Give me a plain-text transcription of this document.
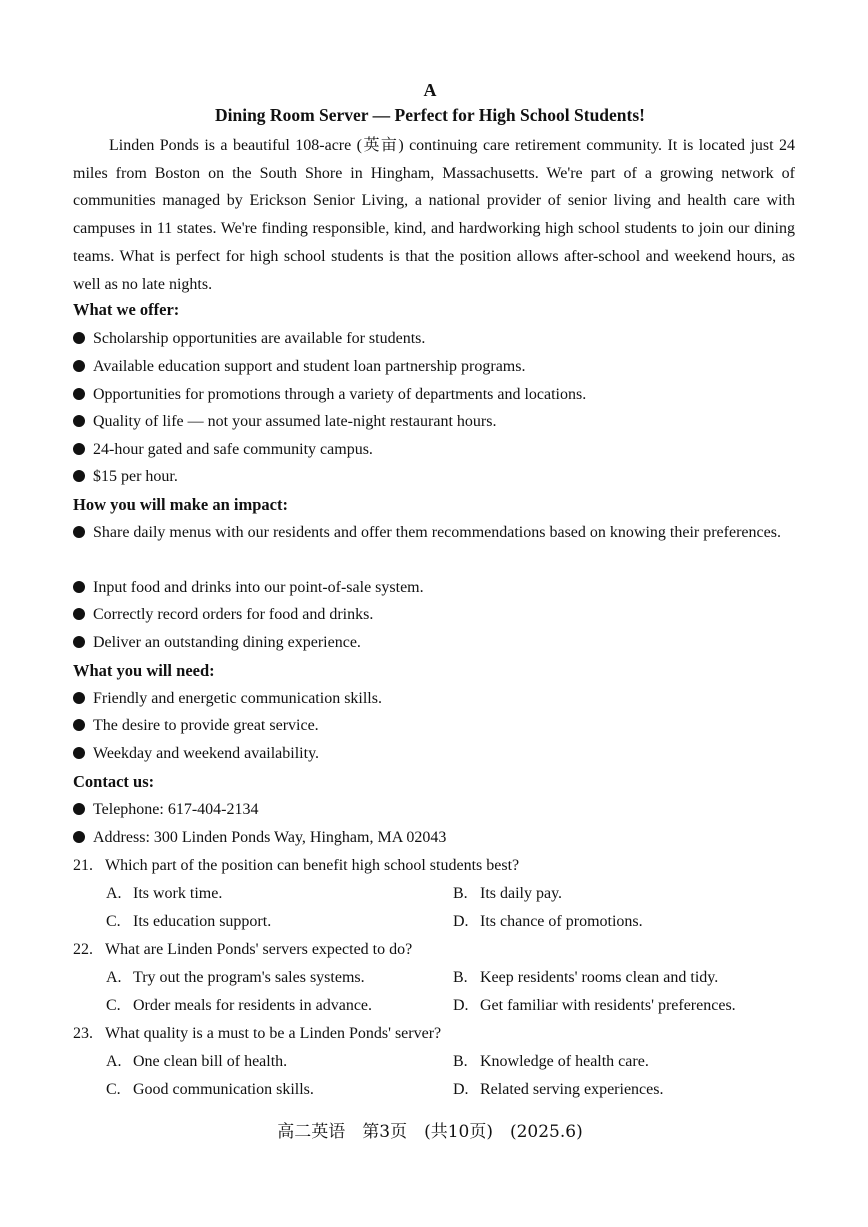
A
Dining Room Server — Perfect for High School Students!

Linden Ponds is a beautiful 108-acre (英亩) continuing care retirement community. It is located just 24 miles from Boston on the South Shore in Hingham, Massachusetts. We're part of a growing network of communities managed by Erickson Senior Living, a national provider of senior living and health care with campuses in 11 states. We're finding responsible, kind, and hardworking high school students to join our dining teams. What is perfect for high school students is that the position allows after-school and weekend hours, as well as no late nights.

What we offer:
Scholarship opportunities are available for students.
Available education support and student loan partnership programs.
Opportunities for promotions through a variety of departments and locations.
Quality of life — not your assumed late-night restaurant hours.
24-hour gated and safe community campus.
$15 per hour.
How you will make an impact:
Share daily menus with our residents and offer them recommendations based on knowing their preferences.
Input food and drinks into our point-of-sale system.
Correctly record orders for food and drinks.
Deliver an outstanding dining experience.
What you will need:
Friendly and energetic communication skills.
The desire to provide great service.
Weekday and weekend availability.
Contact us:
Telephone: 617-404-2134
Address: 300 Linden Ponds Way, Hingham, MA 02043
21. Which part of the position can benefit high school students best?
A. Its work time.	B. Its daily pay.
C. Its education support.	D. Its chance of promotions.
22. What are Linden Ponds' servers expected to do?
A. Try out the program's sales systems.	B. Keep residents' rooms clean and tidy.
C. Order meals for residents in advance.	D. Get familiar with residents' preferences.
23. What quality is a must to be a Linden Ponds' server?
A. One clean bill of health.	B. Knowledge of health care.
C. Good communication skills.	D. Related serving experiences.
高二英语　第3页　(共10页)　(2025.6)
